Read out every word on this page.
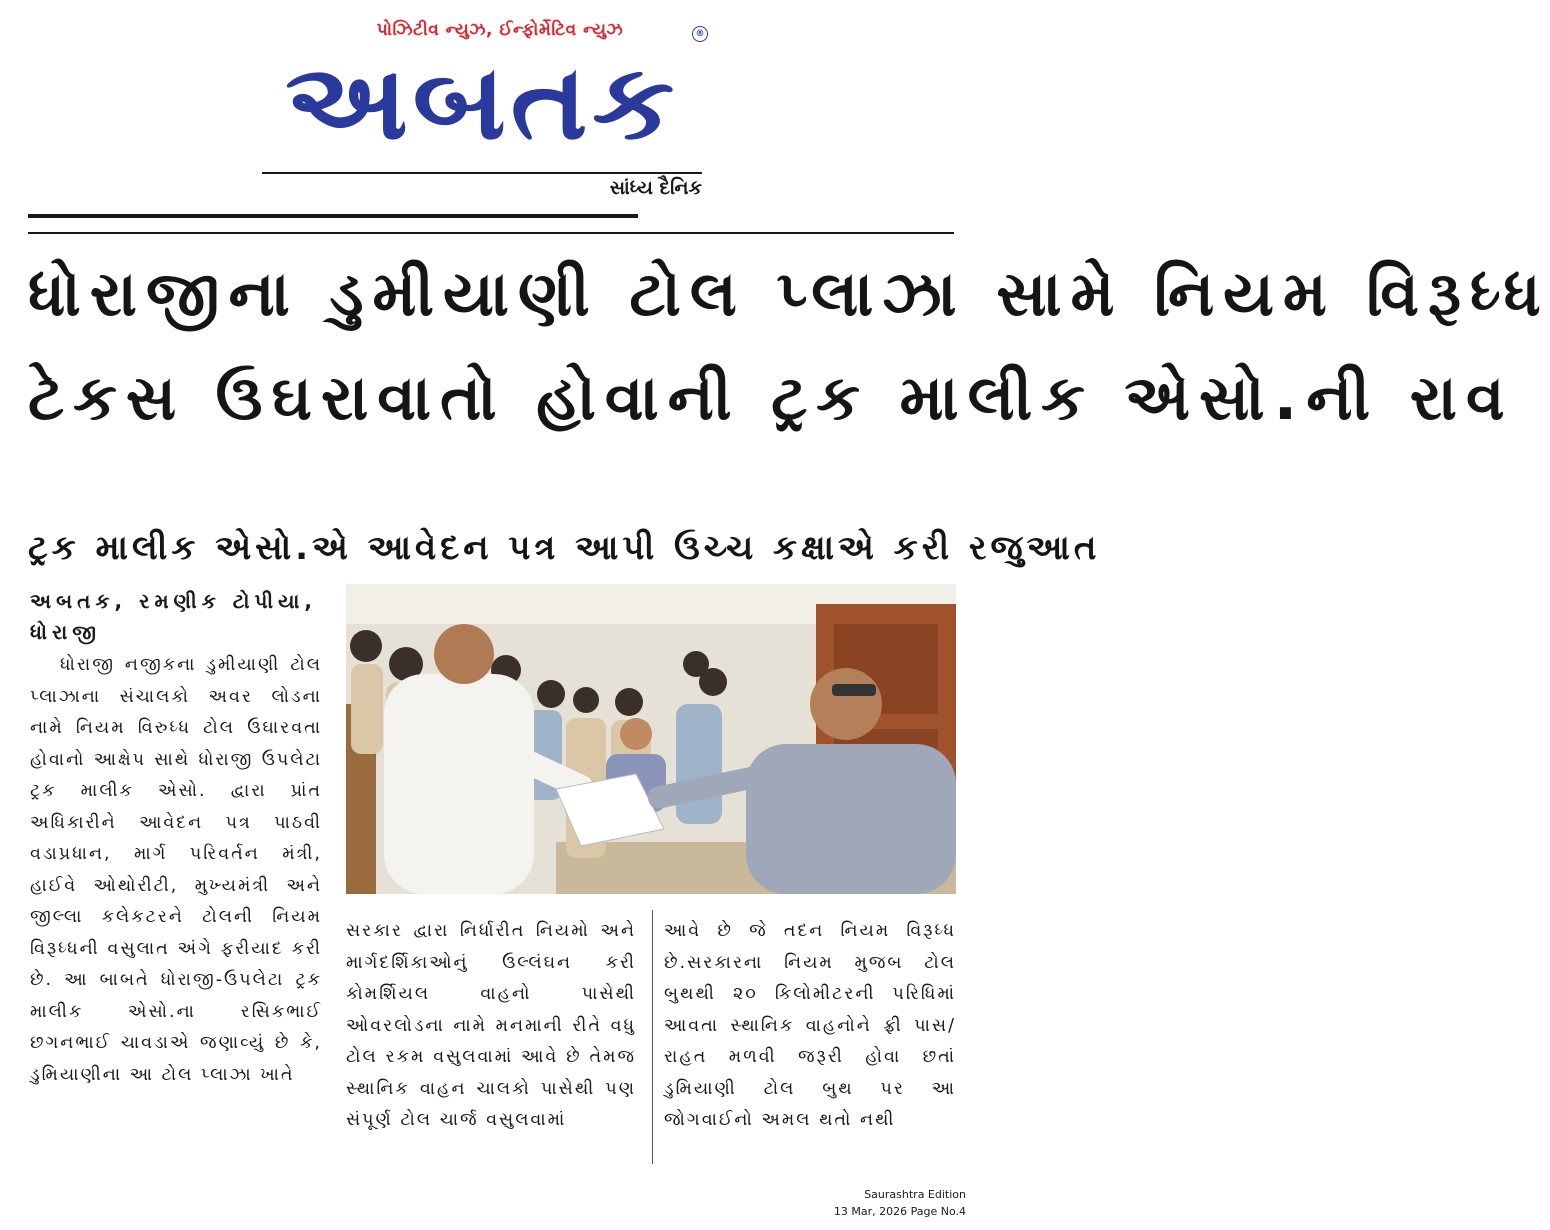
પોઝિટીવ ન્યુઝ, ઈન્ફોર્મેટિવ ન્યુઝ	®
અબતક
સાંધ્ય દૈનિક
ધોરાજીના ડુમીયાણી ટોલ પ્લાઝા સામે નિયમ વિરૂધ્ધ
ટેકસ ઉઘરાવાતો હોવાની ટ્રક માલીક એસો.ની રાવ
ટ્રક માલીક એસો.એ આવેદન પત્ર આપી ઉચ્ચ કક્ષાએ કરી રજુઆત
અબતક, રમણીક ટોપીયા, ધોરાજી
ધોરાજી નજીકના ડુમીયાણી ટોલ પ્લાઝાના સંચાલકો અવર લોડના નામે નિયમ વિરુધ્ધ ટોલ ઉઘારવતા હોવાનો આક્ષેપ સાથે ધોરાજી ઉપલેટા ટ્રક માલીક એસો. દ્વારા પ્રાંત અધિકારીને આવેદન પત્ર પાઠવી વડાપ્રધાન, માર્ગ પરિવર્તન મંત્રી, હાઈવે ઓથોરીટી, મુખ્યમંત્રી અને જીલ્લા કલેકટરને ટોલની નિયમ વિરૂધ્ધની વસુલાત અંગે ફરીયાદ કરી છે. આ બાબતે ધોરાજી-ઉપલેટા ટ્રક માલીક એસો.ના રસિકભાઈ છગનભાઈ ચાવડાએ જણાવ્યું છે કે, ડુમિયાણીના આ ટોલ પ્લાઝા ખાતે
સરકાર દ્વારા નિર્ધારીત નિયમો અને માર્ગદર્શિકાઓનું ઉલ્લંઘન કરી કોમર્શિયલ વાહનો પાસેથી ઓવરલોડના નામે મનમાની રીતે વધુ ટોલ રકમ વસુલવામાં આવે છે તેમજ સ્થાનિક વાહન ચાલકો પાસેથી પણ સંપૂર્ણ ટોલ ચાર્જ વસુલવામાં
આવે છે જે તદન નિયમ વિરૂધ્ધ છે.સરકારના નિયમ મુજબ ટોલ બુથથી ૨૦ કિલોમીટરની પરિધિમાં આવતા સ્થાનિક વાહનોને ફ્રી પાસ/રાહત મળવી જરૂરી હોવા છતાં ડુમિયાણી ટોલ બુથ પર આ જોગવાઈનો અમલ થતો નથી
Saurashtra Edition
13 Mar, 2026 Page No.4
